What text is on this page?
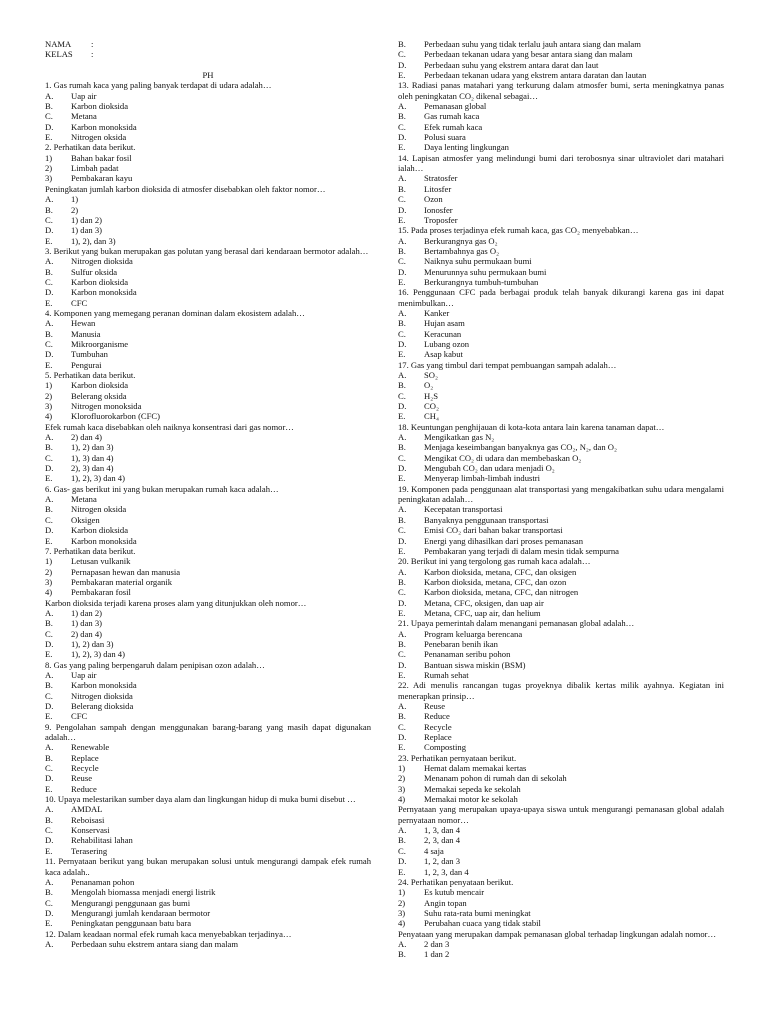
NAMA :
KELAS :

PH
1. Gas rumah kaca yang paling banyak terdapat di udara adalah…
A. Uap air
B. Karbon dioksida
C. Metana
D. Karbon monoksida
E. Nitrogen oksida
2. Perhatikan data berikut.
1) Bahan bakar fosil
2) Limbah padat
3) Pembakaran kayu
Peningkatan jumlah karbon dioksida di atmosfer disebabkan oleh faktor nomor…
A. 1)
B. 2)
C. 1) dan 2)
D. 1) dan 3)
E. 1), 2), dan 3)
3. Berikut yang bukan merupakan gas polutan yang berasal dari kendaraan bermotor adalah…
A. Nitrogen dioksida
B. Sulfur oksida
C. Karbon dioksida
D. Karbon monoksida
E. CFC
4. Komponen yang memegang peranan dominan dalam ekosistem adalah…
A. Hewan
B. Manusia
C. Mikroorganisme
D. Tumbuhan
E. Pengurai
5. Perhatikan data berikut.
1) Karbon dioksida
2) Belerang oksida
3) Nitrogen monoksida
4) Klorofluorokarbon (CFC)
Efek rumah kaca disebabkan oleh naiknya konsentrasi dari gas nomor…
A. 2) dan 4)
B. 1), 2) dan 3)
C. 1), 3) dan 4)
D. 2), 3) dan 4)
E. 1), 2), 3) dan 4)
6. Gas- gas berikut ini yang bukan merupakan rumah kaca adalah…
A. Metana
B. Nitrogen oksida
C. Oksigen
D. Karbon dioksida
E. Karbon monoksida
7. Perhatikan data berikut.
1) Letusan vulkanik
2) Pernapasan hewan dan manusia
3) Pembakaran material organik
4) Pembakaran fosil
Karbon dioksida terjadi karena proses alam yang ditunjukkan oleh nomor…
A. 1) dan 2)
B. 1) dan 3)
C. 2) dan 4)
D. 1), 2) dan 3)
E. 1), 2), 3) dan 4)
8. Gas yang paling berpengaruh dalam penipisan ozon adalah…
A. Uap air
B. Karbon monoksida
C. Nitrogen dioksida
D. Belerang dioksida
E. CFC
9. Pengolahan sampah dengan menggunakan barang-barang yang masih dapat digunakan adalah…
A. Renewable
B. Replace
C. Recycle
D. Reuse
E. Reduce
10. Upaya melestarikan sumber daya alam dan lingkungan hidup di muka bumi disebut …
A. AMDAL
B. Reboisasi
C. Konservasi
D. Rehabilitasi lahan
E. Terasering
11. Pernyataan berikut yang bukan merupakan solusi untuk mengurangi dampak efek rumah kaca adalah..
A. Penanaman pohon
B. Mengolah biomassa menjadi energi listrik
C. Mengurangi penggunaan gas bumi
D. Mengurangi jumlah kendaraan bermotor
E. Peningkatan penggunaan batu bara
12. Dalam keadaan normal efek rumah kaca menyebabkan terjadinya…
A. Perbedaan suhu ekstrem antara siang dan malam
B. Perbedaan suhu yang tidak terlalu jauh antara siang dan malam
C. Perbedaan tekanan udara yang besar antara siang dan malam
D. Perbedaan suhu yang ekstrem antara darat dan laut
E. Perbedaan tekanan udara yang ekstrem antara daratan dan lautan
13. Radiasi panas matahari yang terkurung dalam atmosfer bumi, serta meningkatnya panas oleh peningkatan CO₂ dikenal sebagai…
A. Pemanasan global
B. Gas rumah kaca
C. Efek rumah kaca
D. Polusi suara
E. Daya lenting lingkungan
14. Lapisan atmosfer yang melindungi bumi dari terobosnya sinar ultraviolet dari matahari ialah…
A. Stratosfer
B. Litosfer
C. Ozon
D. Ionosfer
E. Troposfer
15. Pada proses terjadinya efek rumah kaca, gas CO₂ menyebabkan…
A. Berkurangnya gas O₂
B. Bertambahnya gas O₂
C. Naiknya suhu permukaan bumi
D. Menurunnya suhu permukaan bumi
E. Berkurangnya tumbuh-tumbuhan
16. Penggunaan CFC pada berbagai produk telah banyak dikurangi karena gas ini dapat menimbulkan…
A. Kanker
B. Hujan asam
C. Keracunan
D. Lubang ozon
E. Asap kabut
17. Gas yang timbul dari tempat pembuangan sampah adalah…
A. SO₂
B. O₂
C. H₂S
D. CO₂
E. CH₄
18. Keuntungan penghijauan di kota-kota antara lain karena tanaman dapat…
A. Mengikatkan gas N₂
B. Menjaga keseimbangan banyaknya gas CO₂, N₂, dan O₂
C. Mengikat CO₂ di udara dan membebaskan O₂
D. Mengubah CO₂ dan udara menjadi O₂
E. Menyerap limbah-limbah industri
19. Komponen pada penggunaan alat transportasi yang mengakibatkan suhu udara mengalami peningkatan adalah…
A. Kecepatan transportasi
B. Banyaknya penggunaan transportasi
C. Emisi CO₂ dari bahan bakar transportasi
D. Energi yang dihasilkan dari proses pemanasan
E. Pembakaran yang terjadi di dalam mesin tidak sempurna
20. Berikut ini yang tergolong gas rumah kaca adalah…
A. Karbon dioksida, metana, CFC, dan oksigen
B. Karbon dioksida, metana, CFC, dan ozon
C. Karbon dioksida, metana, CFC, dan nitrogen
D. Metana, CFC, oksigen, dan uap air
E. Metana, CFC, uap air, dan helium
21. Upaya pemerintah dalam menangani pemanasan global adalah…
A. Program keluarga berencana
B. Penebaran benih ikan
C. Penanaman seribu pohon
D. Bantuan siswa miskin (BSM)
E. Rumah sehat
22. Adi menulis rancangan tugas proyeknya dibalik kertas milik ayahnya. Kegiatan ini menerapkan prinsip…
A. Reuse
B. Reduce
C. Recycle
D. Replace
E. Composting
23. Perhatikan pernyataan berikut.
1) Hemat dalam memakai kertas
2) Menanam pohon di rumah dan di sekolah
3) Memakai sepeda ke sekolah
4) Memakai motor ke sekolah
Pernyataan yang merupakan upaya-upaya siswa untuk mengurangi pemanasan global adalah pernyataan nomor…
A. 1, 3, dan 4
B. 2, 3, dan 4
C. 4 saja
D. 1, 2, dan 3
E. 1, 2, 3, dan 4
24. Perhatikan penyataan berikut.
1) Es kutub mencair
2) Angin topan
3) Suhu rata-rata bumi meningkat
4) Perubahan cuaca yang tidak stabil
Penyataan yang merupakan dampak pemanasan global terhadap lingkungan adalah nomor…
A. 2 dan 3
B. 1 dan 2
